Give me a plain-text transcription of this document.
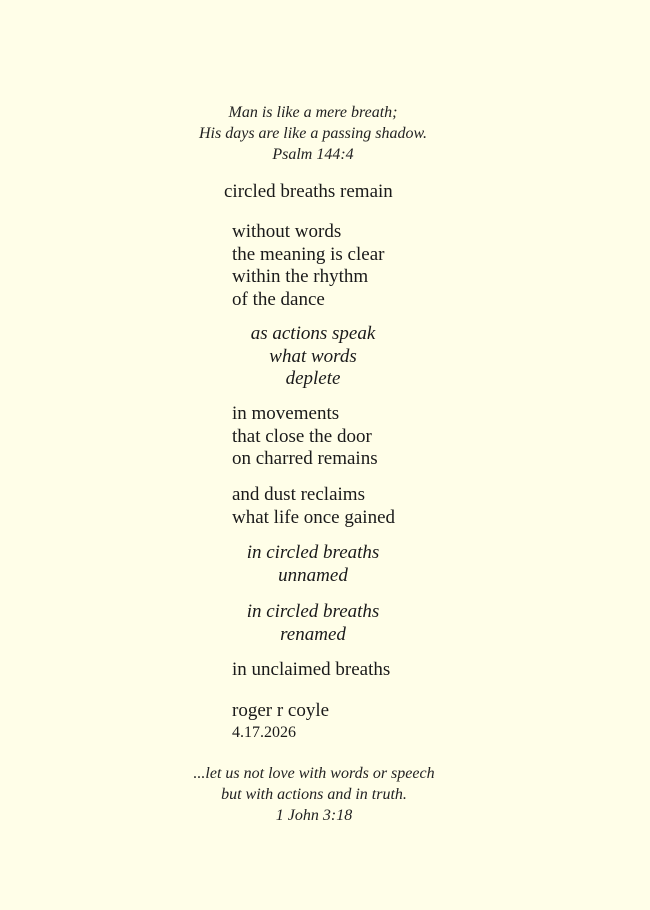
Man is like a mere breath;
His days are like a passing shadow.
Psalm 144:4
circled breaths remain
without words
the meaning is clear
within the rhythm
of the dance
as actions speak
what words
deplete
in movements
that close the door
on charred remains
and dust reclaims
what life once gained
in circled breaths
unnamed
in circled breaths
renamed
in unclaimed breaths
roger r coyle
4.17.2026
...let us not love with words or speech
but with actions and in truth.
1 John 3:18
